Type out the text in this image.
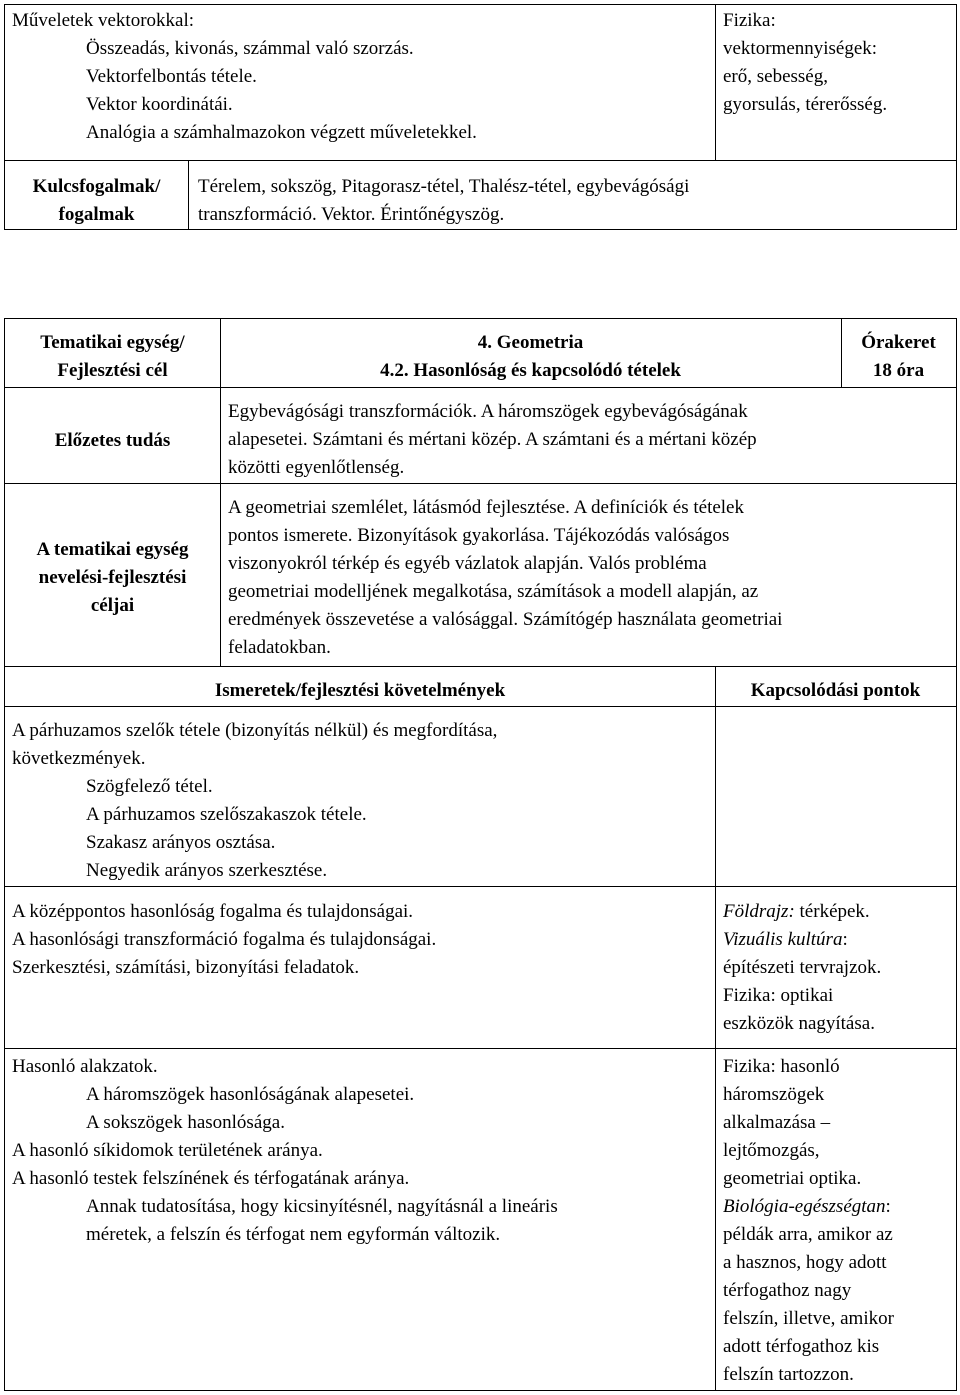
Műveletek vektorokkal:
Összeadás, kivonás, számmal való szorzás.
Vektorfelbontás tétele.
Vektor koordinátái.
Analógia a számhalmazokon végzett műveletekkel.
Fizika:
vektormennyiségek:
erő, sebesség,
gyorsulás, térerősség.
Kulcsfogalmak/
fogalmak
Térelem, sokszög, Pitagorasz-tétel, Thalész-tétel, egybevágósági
transzformáció. Vektor. Érintőnégyszög.
Tematikai egység/
Fejlesztési cél
4. Geometria
4.2. Hasonlóság és kapcsolódó tételek
Órakeret
18 óra
Előzetes tudás
Egybevágósági transzformációk. A háromszögek egybevágóságának
alapesetei. Számtani és mértani közép. A számtani és a mértani közép
közötti egyenlőtlenség.
A tematikai egység
nevelési-fejlesztési
céljai
A geometriai szemlélet, látásmód fejlesztése. A definíciók és tételek
pontos ismerete. Bizonyítások gyakorlása. Tájékozódás valóságos
viszonyokról térkép és egyéb vázlatok alapján. Valós probléma
geometriai modelljének megalkotása, számítások a modell alapján, az
eredmények összevetése a valósággal. Számítógép használata geometriai
feladatokban.
Ismeretek/fejlesztési követelmények	Kapcsolódási pontok
A párhuzamos szelők tétele (bizonyítás nélkül) és megfordítása,
következmények.
Szögfelező tétel.
A párhuzamos szelőszakaszok tétele.
Szakasz arányos osztása.
Negyedik arányos szerkesztése.
A középpontos hasonlóság fogalma és tulajdonságai.
A hasonlósági transzformáció fogalma és tulajdonságai.
Szerkesztési, számítási, bizonyítási feladatok.
Földrajz: térképek.
Vizuális kultúra:
építészeti tervrajzok.
Fizika: optikai
eszközök nagyítása.
Hasonló alakzatok.
A háromszögek hasonlóságának alapesetei.
A sokszögek hasonlósága.
A hasonló síkidomok területének aránya.
A hasonló testek felszínének és térfogatának aránya.
Annak tudatosítása, hogy kicsinyítésnél, nagyításnál a lineáris
méretek, a felszín és térfogat nem egyformán változik.
Fizika: hasonló
háromszögek
alkalmazása –
lejtőmozgás,
geometriai optika.
Biológia-egészségtan:
példák arra, amikor az
a hasznos, hogy adott
térfogathoz nagy
felszín, illetve, amikor
adott térfogathoz kis
felszín tartozzon.
